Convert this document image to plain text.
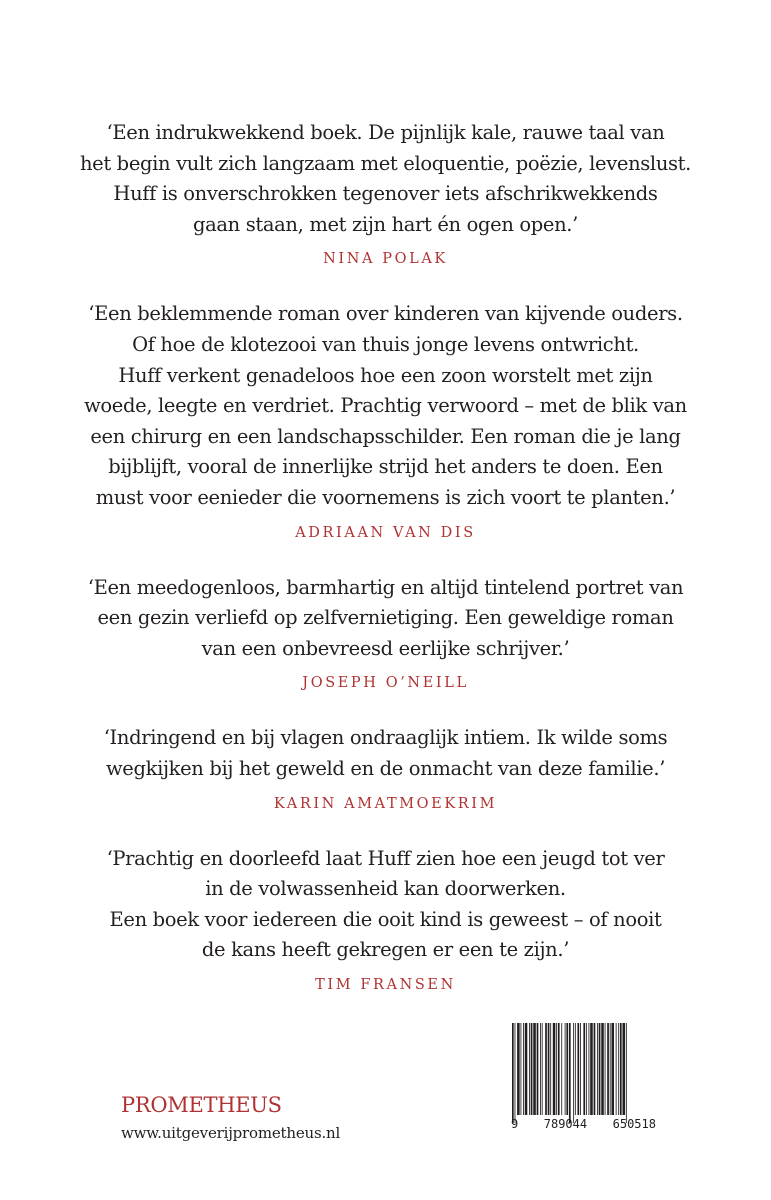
‘Een indrukwekkend boek. De pijnlijk kale, rauwe taal van
het begin vult zich langzaam met eloquentie, poëzie, levenslust.
Huff is onverschrokken tegenover iets afschrikwekkends
gaan staan, met zijn hart én ogen open.’
NINA POLAK
‘Een beklemmende roman over kinderen van kijvende ouders.
Of hoe de klotezooi van thuis jonge levens ontwricht.
Huff verkent genadeloos hoe een zoon worstelt met zijn
woede, leegte en verdriet. Prachtig verwoord – met de blik van
een chirurg en een landschapsschilder. Een roman die je lang
bijblijft, vooral de innerlijke strijd het anders te doen. Een
must voor eenieder die voornemens is zich voort te planten.’
ADRIAAN VAN DIS
‘Een meedogenloos, barmhartig en altijd tintelend portret van
een gezin verliefd op zelfvernietiging. Een geweldige roman
van een onbevreesd eerlijke schrijver.’
JOSEPH O’NEILL
‘Indringend en bij vlagen ondraaglijk intiem. Ik wilde soms
wegkijken bij het geweld en de onmacht van deze familie.’
KARIN AMATMOEKRIM
‘Prachtig en doorleefd laat Huff zien hoe een jeugd tot ver
in de volwassenheid kan doorwerken.
Een boek voor iedereen die ooit kind is geweest – of nooit
de kans heeft gekregen er een te zijn.’
TIM FRANSEN
PROMETHEUS
www.uitgeverijprometheus.nl	9 789044 650518
